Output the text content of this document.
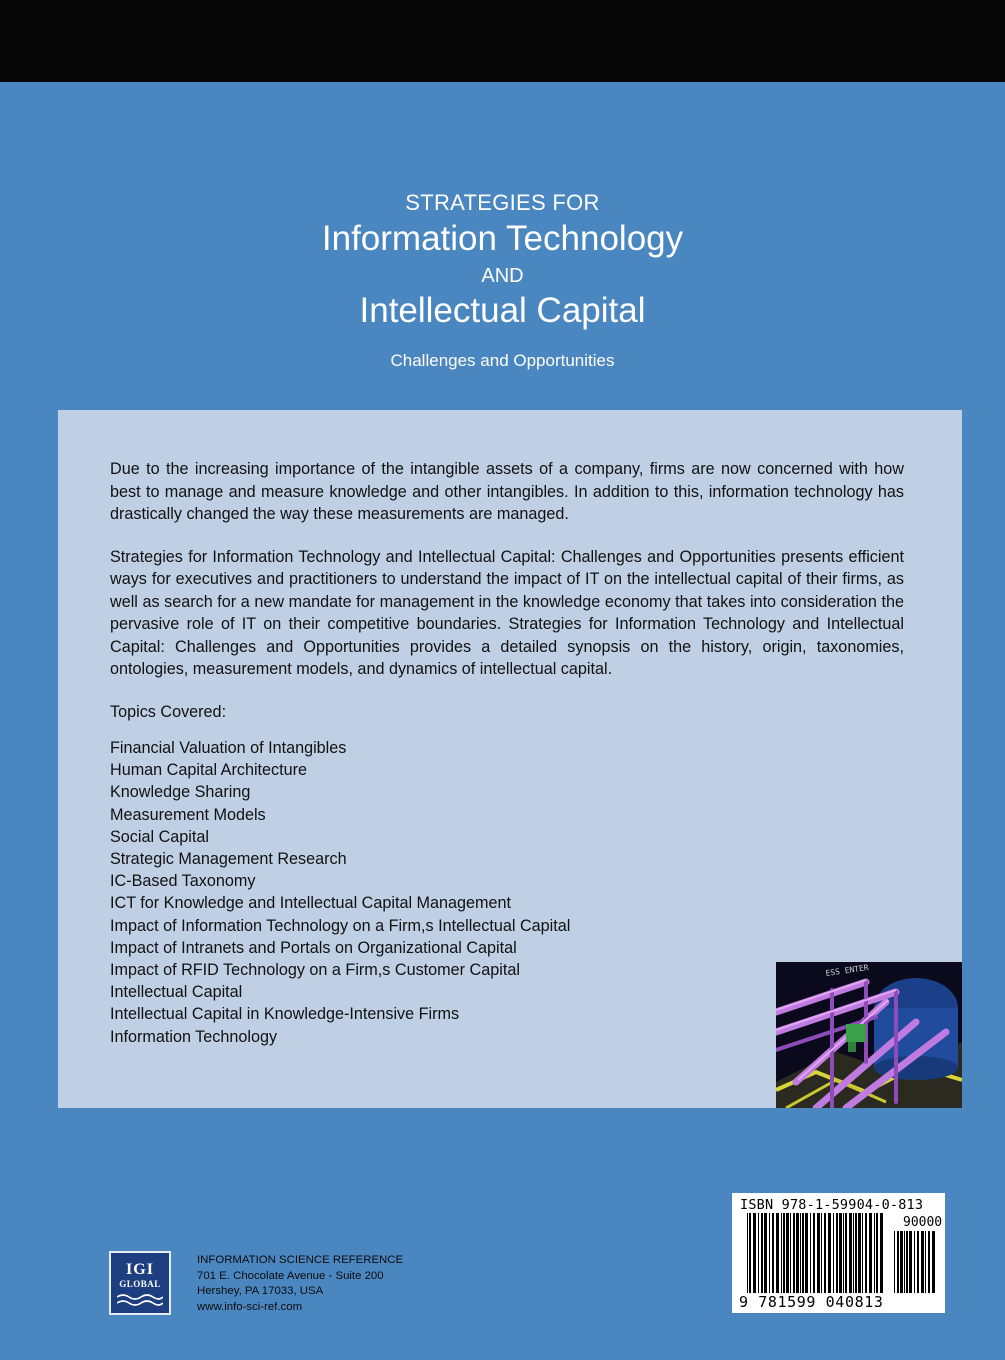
STRATEGIES FOR
Information Technology
AND
Intellectual Capital
Challenges and Opportunities

Due to the increasing importance of the intangible assets of a company, firms are now concerned with how best to manage and measure knowledge and other intangibles. In addition to this, information technology has drastically changed the way these measurements are managed.

Strategies for Information Technology and Intellectual Capital: Challenges and Opportunities presents efficient ways for executives and practitioners to understand the impact of IT on the intellectual capital of their firms, as well as search for a new mandate for management in the knowledge economy that takes into consideration the pervasive role of IT on their competitive boundaries. Strategies for Information Technology and Intellectual Capital: Challenges and Opportunities provides a detailed synopsis on the history, origin, taxonomies, ontologies, measurement models, and dynamics of intellectual capital.

Topics Covered:

Financial Valuation of Intangibles
Human Capital Architecture
Knowledge Sharing
Measurement Models
Social Capital
Strategic Management Research
IC-Based Taxonomy
ICT for Knowledge and Intellectual Capital Management
Impact of Information Technology on a Firm,s Intellectual Capital
Impact of Intranets and Portals on Organizational Capital
Impact of RFID Technology on a Firm,s Customer Capital
Intellectual Capital
Intellectual Capital in Knowledge-Intensive Firms
Information Technology
ESS ENTER
IGI
GLOBAL
INFORMATION SCIENCE REFERENCE
701 E. Chocolate Avenue - Suite 200
Hershey, PA 17033, USA
www.info-sci-ref.com
ISBN 978-1-59904-0-813
90000
9 781599 040813
